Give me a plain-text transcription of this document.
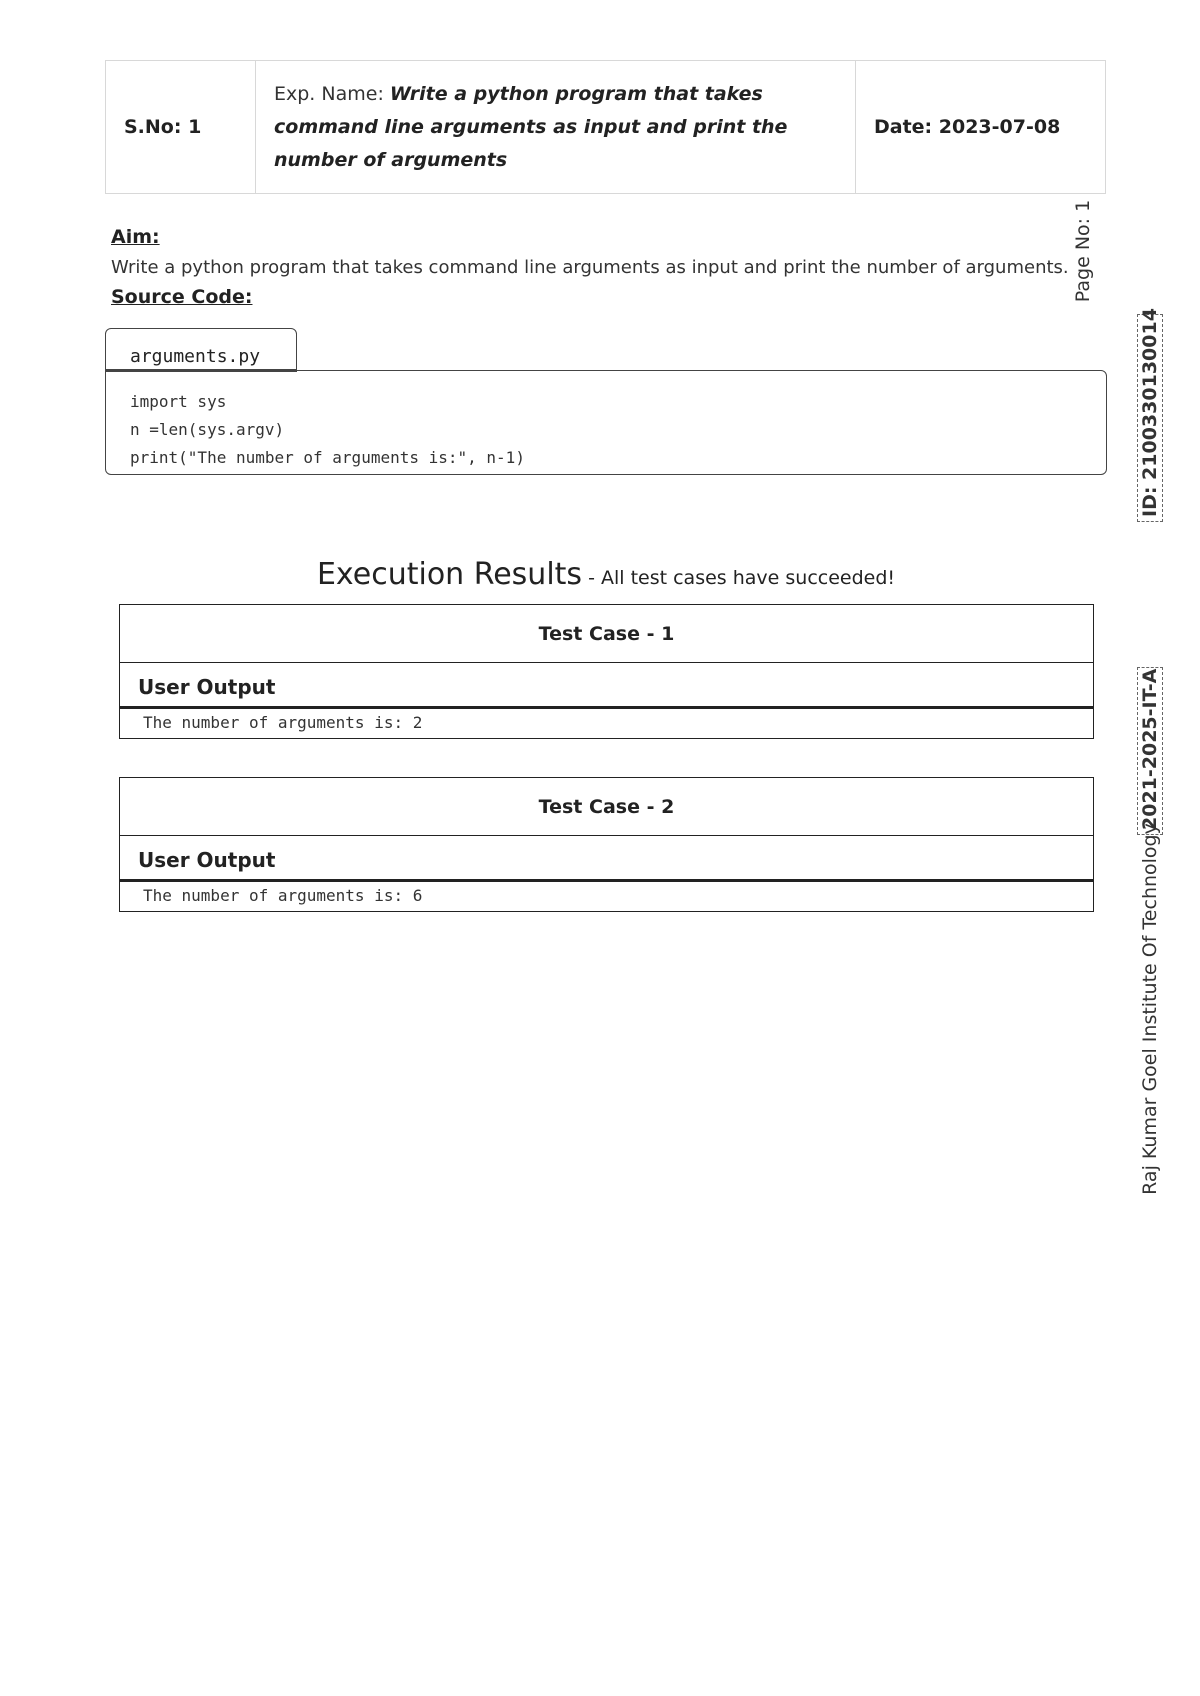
S.No: 1	Exp. Name: Write a python program that takes command line arguments as input and print the number of arguments	Date: 2023-07-08
Aim:
Write a python program that takes command line arguments as input and print the number of arguments.
Source Code:
arguments.py
import sys
n =len(sys.argv)
print("The number of arguments is:", n-1)
Execution Results - All test cases have succeeded!
Test Case - 1
User Output
The number of arguments is: 2
Test Case - 2
User Output
The number of arguments is: 6
Page No: 1
ID: 2100330130014
2021-2025-IT-A
Raj Kumar Goel Institute Of Technology
